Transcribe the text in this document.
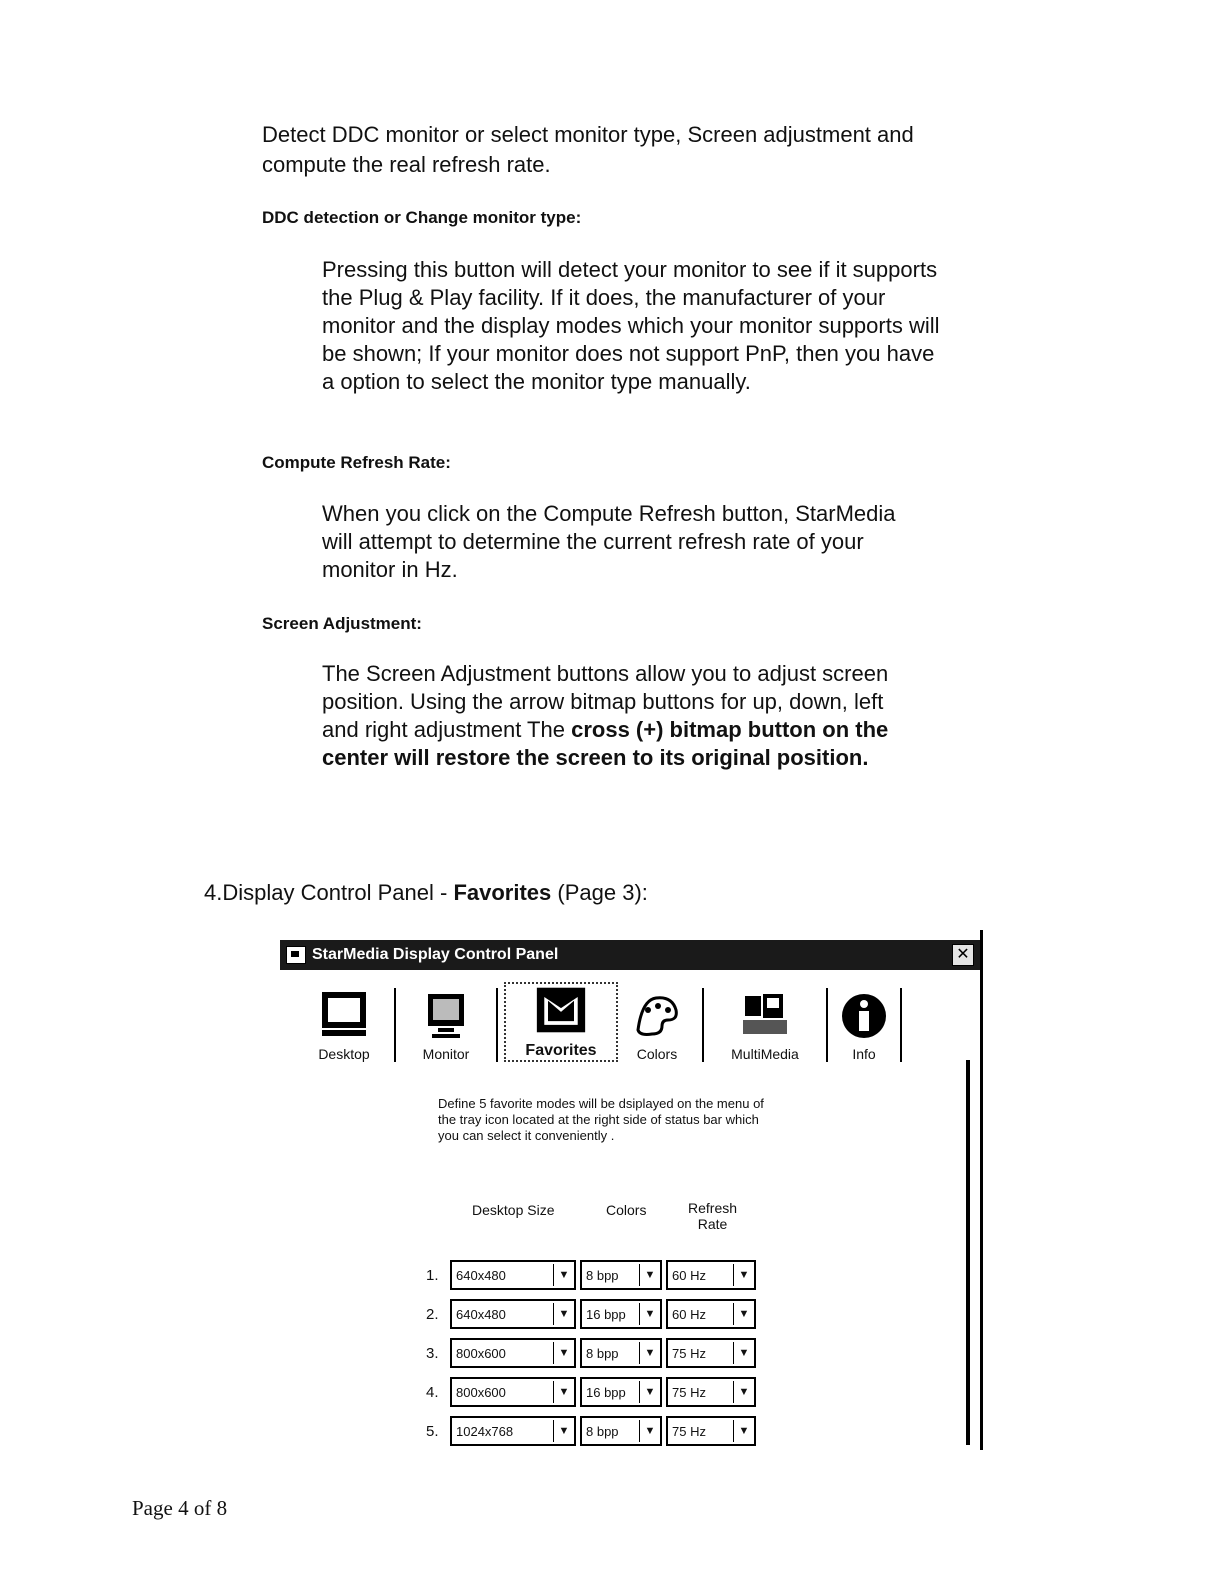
Detect DDC monitor or select monitor type, Screen adjustment and compute the real refresh rate.
DDC detection or Change monitor type:
Pressing this button will detect your monitor to see if it supports the Plug & Play facility. If it does, the manufacturer of your monitor and the display modes which your monitor supports will be shown; If your monitor does not support PnP, then you have a option to select the monitor type manually.
Compute Refresh Rate:
When you click on the Compute Refresh button, StarMedia will attempt to determine the current refresh rate of your monitor in Hz.
Screen Adjustment:
The Screen Adjustment buttons allow you to adjust screen position. Using the arrow bitmap buttons for up, down, left and right adjustment The cross (+) bitmap button on the center will restore the screen to its original position.
4.Display Control Panel - Favorites (Page 3):
StarMedia Display Control Panel	✕
Desktop	Monitor	Favorites	Colors	MultiMedia	Info
Define 5 favorite modes will be dsiplayed on the menu of the tray icon located at the right side of status bar which you can select it conveniently .
Desktop Size	Colors	Refresh
Rate
1.	640x480	▼	8 bpp	▼	60 Hz	▼
2.	640x480	▼	16 bpp	▼	60 Hz	▼
3.	800x600	▼	8 bpp	▼	75 Hz	▼
4.	800x600	▼	16 bpp	▼	75 Hz	▼
5.	1024x768	▼	8 bpp	▼	75 Hz	▼
Page 4 of 8
